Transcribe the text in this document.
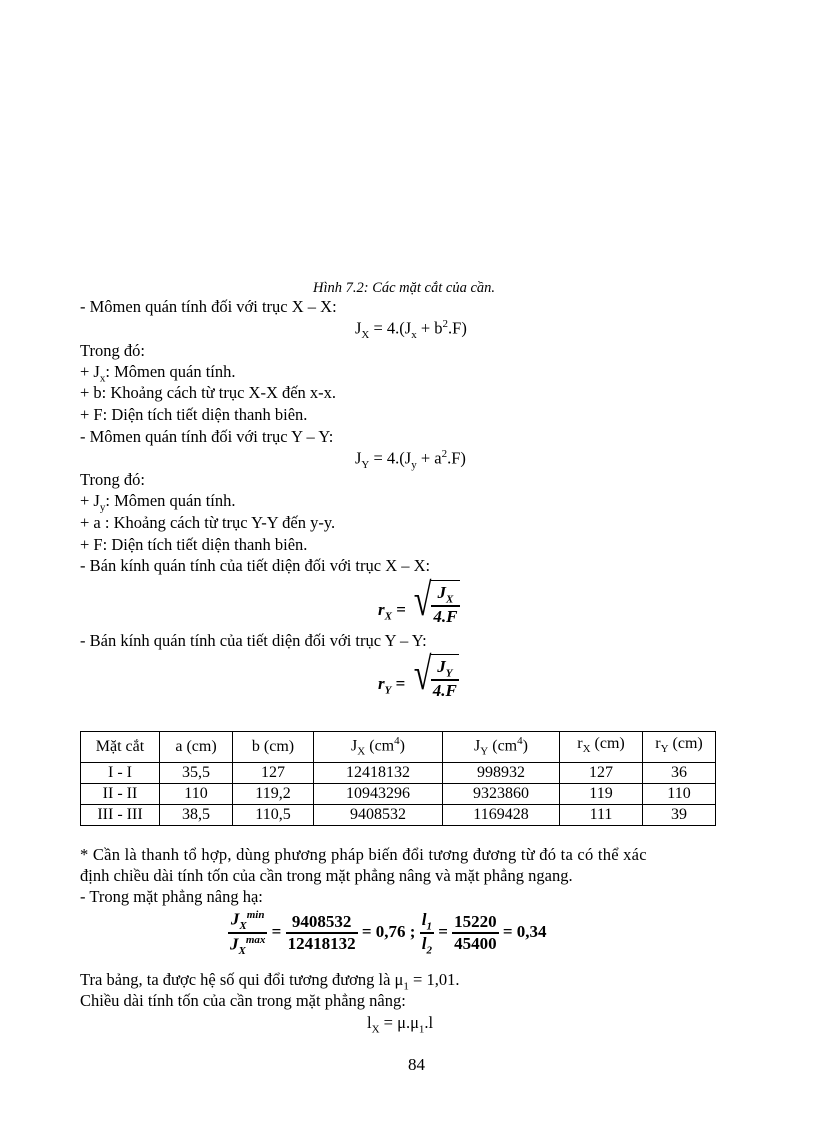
Hình 7.2: Các mặt cắt của cần.
- Mômen quán tính đối với trục X – X:
$J_X = 4.(J_x + b^2.F)$
Trong đó:
+ $J_x$: Mômen quán tính.
+ b: Khoảng cách từ trục X-X đến x-x.
+ F: Diện tích tiết diện thanh biên.
- Mômen quán tính đối với trục Y – Y:
$J_Y = 4.(J_y + a^2.F)$
Trong đó:
+ $J_y$: Mômen quán tính.
+ a : Khoảng cách từ trục Y-Y đến y-y.
+ F: Diện tích tiết diện thanh biên.
- Bán kính quán tính của tiết diện đối với trục X – X:
$r_X$ = √ $\frac{J_X}{4.F}$
- Bán kính quán tính của tiết diện đối với trục Y – Y:
$r_Y$ = √ $\frac{J_Y}{4.F}$
Mặt cắt	a (cm)	b (cm)	$J_X$ $(cm^4)$	$J_Y$ $(cm^4)$	$r_X$ (cm)	$r_Y$ (cm)
I - I	35,5	127	12418132	998932	127	36
II - II	110	119,2	10943296	9323860	119	110
III - III	38,5	110,5	9408532	1169428	111	39
* Cần là thanh tổ hợp, dùng phương pháp biến đổi tương đương từ đó ta có thể xác
định chiều dài tính tốn của cần trong mặt phẳng nâng và mặt phẳng ngang.
- Trong mặt phẳng nâng hạ:
$\frac{J_X^{min}}{J_X^{max}} = \frac{9408532}{12418132} = 0,76$ ; $\frac{l_1}{l_2} = \frac{15220}{45400} = 0,34$
Tra bảng, ta được hệ số qui đổi tương đương là $\mu_1 = 1,01$.
Chiều dài tính tốn của cần trong mặt phẳng nâng:
$l_X = \mu.\mu_1.l$
84
